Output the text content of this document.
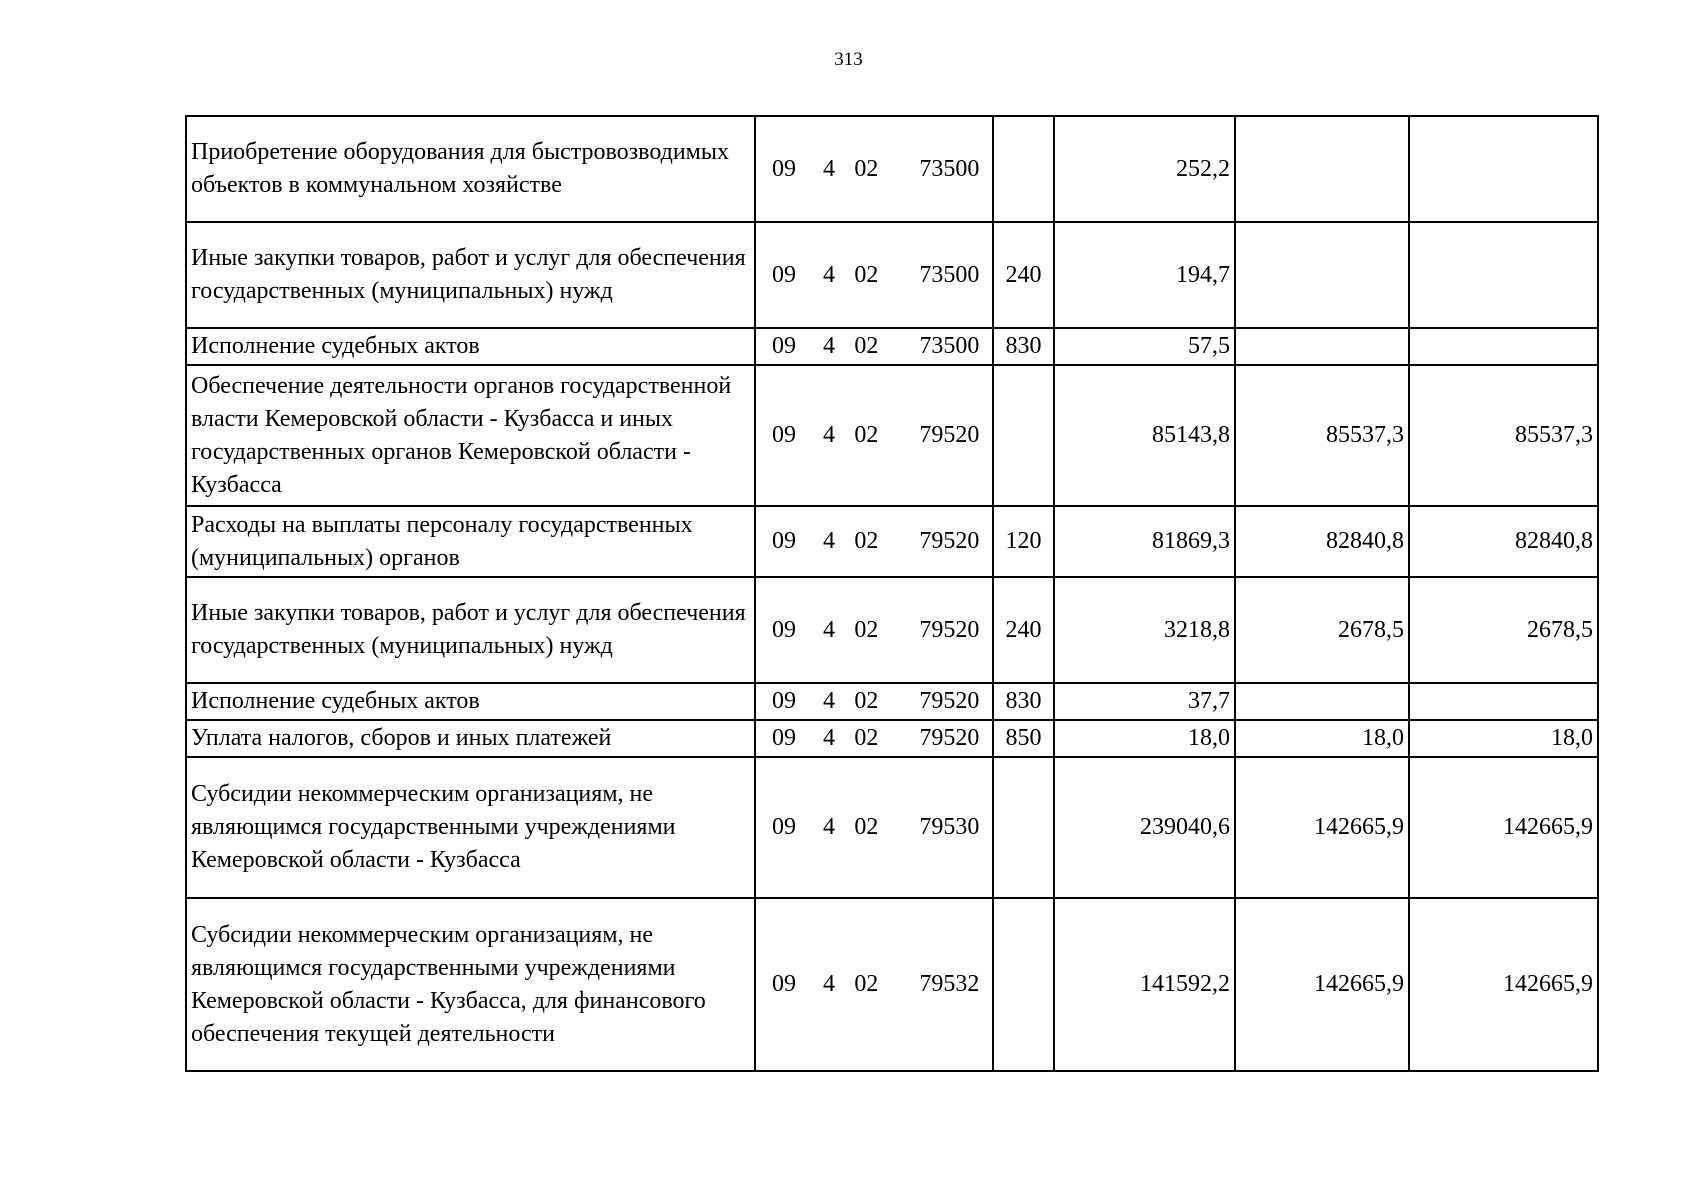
313
Приобретение оборудования для быстровозводимых объектов в коммунальном хозяйстве	09 4 02 73500		252,2		
Иные закупки товаров, работ и услуг для обеспечения государственных (муниципальных) нужд	09 4 02 73500	240	194,7		
Исполнение судебных актов	09 4 02 73500	830	57,5		
Обеспечение деятельности органов государственной власти Кемеровской области - Кузбасса и иных государственных органов Кемеровской области - Кузбасса	09 4 02 79520		85143,8	85537,3	85537,3
Расходы на выплаты персоналу государственных (муниципальных) органов	09 4 02 79520	120	81869,3	82840,8	82840,8
Иные закупки товаров, работ и услуг для обеспечения государственных (муниципальных) нужд	09 4 02 79520	240	3218,8	2678,5	2678,5
Исполнение судебных актов	09 4 02 79520	830	37,7		
Уплата налогов, сборов и иных платежей	09 4 02 79520	850	18,0	18,0	18,0
Субсидии некоммерческим организациям, не являющимся государственными учреждениями Кемеровской области - Кузбасса	09 4 02 79530		239040,6	142665,9	142665,9
Субсидии некоммерческим организациям, не являющимся государственными учреждениями Кемеровской области - Кузбасса, для финансового обеспечения текущей деятельности	09 4 02 79532		141592,2	142665,9	142665,9
